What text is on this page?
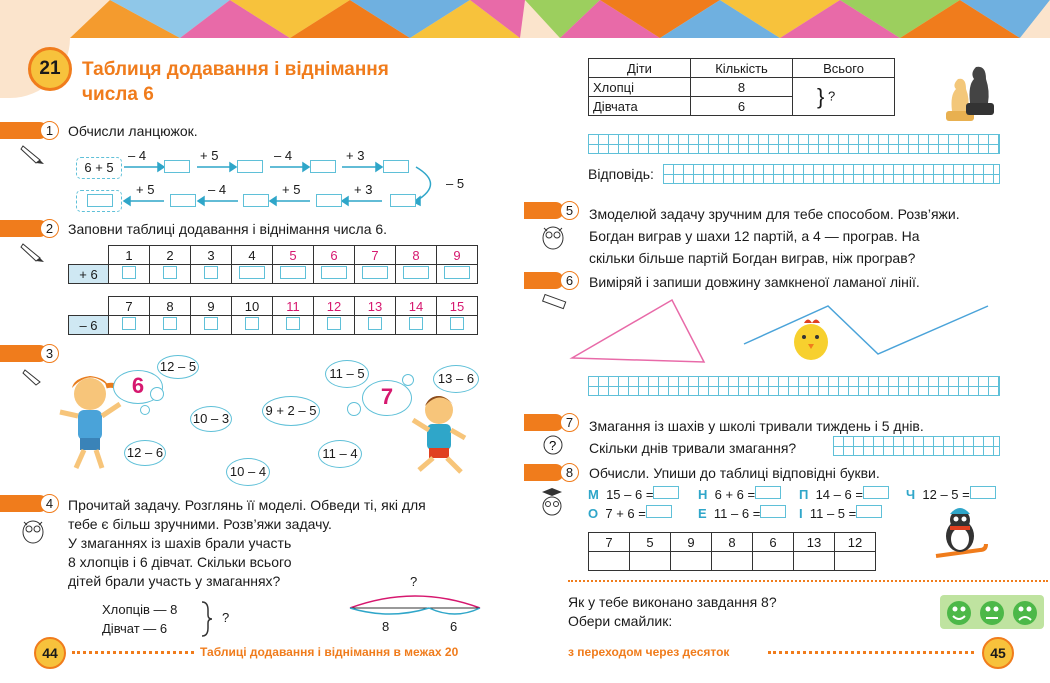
21	Таблиця додавання і віднімання
числа 6
1	Обчисли ланцюжок.
6 + 5
– 4	+ 5	– 4	+ 3
– 5
+ 5	– 4	+ 5	+ 3
2	Заповни таблиці додавання і віднімання числа 6.
	1	2	3	4	5	6	7	8	9
+ 6									
	7	8	9	10	11	12	13	14	15
– 6									
3
6
12 – 5
10 – 3
12 – 6
9 + 2 – 5
11 – 5	13 – 6
11 – 4
10 – 4
7
4	Прочитай задачу. Розглянь її моделі. Обведи ті, які для
тебе є більш зручними. Розв’яжи задачу.
У змаганнях із шахів брали участь
8 хлопців і 6 дівчат. Скільки всього
дітей брали участь у змаганнях?
Хлопців — 8
Дівчат — 6
?
?
8	6
44	Таблиці додавання і віднімання в межах 20
Діти	Кількість	Всього
Хлопці	8	} ?
Дівчата	6	
Відповідь:
5	Змоделюй задачу зручним для тебе способом. Розв’яжи.
Богдан виграв у шахи 12 партій, а 4 — програв. На
скільки більше партій Богдан виграв, ніж програв?
6	Виміряй і запиши довжину замкненої ламаної лінії.
7
?
Змагання із шахів у школі тривали тиждень і 5 днів.
Скільки днів тривали змагання?
8	Обчисли. Упиши до таблиці відповідні букви.
М 15 – 6 =	Н 6 + 6 =	П 14 – 6 =	Ч 12 – 5 =
О 7 + 6 =	Е 11 – 6 =	І 11 – 5 =
7	5	9	8	6	13	12

Як у тебе виконано завдання 8?
Обери смайлик:
з переходом через десяток	45
